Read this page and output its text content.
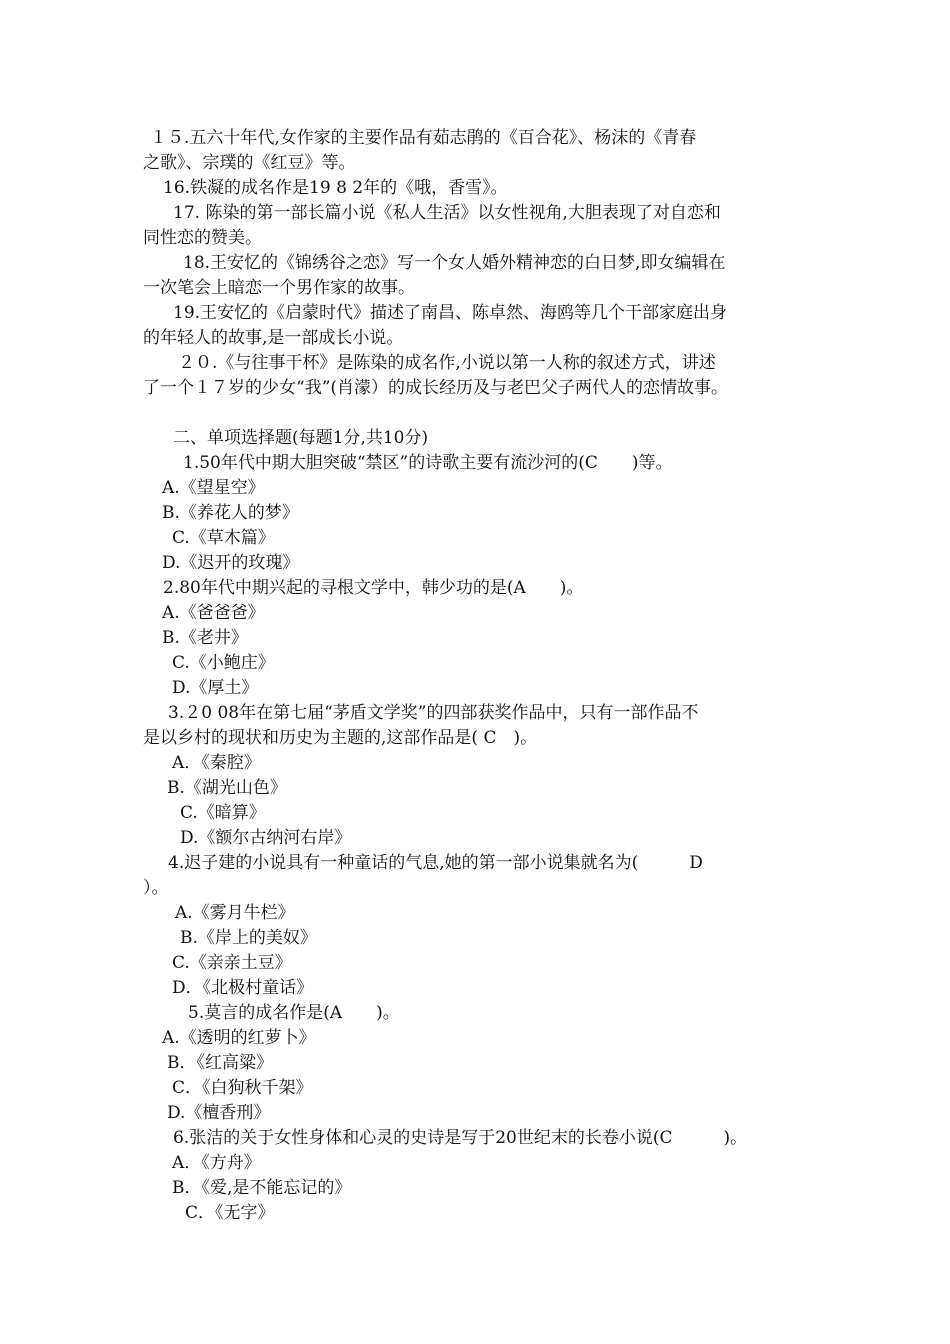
１５.五六十年代,女作家的主要作品有茹志鹃的《百合花》、杨沫的《青春
之歌》、宗璞的《红豆》等。
16.铁凝的成名作是19 8 2年的《哦，香雪》。
17. 陈染的第一部长篇小说《私人生活》以女性视角,大胆表现了对自恋和
同性恋的赞美。
18.王安忆的《锦绣谷之恋》写一个女人婚外精神恋的白日梦,即女编辑在
一次笔会上暗恋一个男作家的故事。
19.王安忆的《启蒙时代》描述了南昌、陈卓然、海鸥等几个干部家庭出身
的年轻人的故事,是一部成长小说。
２０.《与往事干杯》是陈染的成名作,小说以第一人称的叙述方式，讲述
了一个１７岁的少女“我”(肖濛）的成长经历及与老巴父子两代人的恋情故事。
二、单项选择题(每题1分,共10分)
1.50年代中期大胆突破“禁区”的诗歌主要有流沙河的(C　　)等。
A.《望星空》
B.《养花人的梦》
C.《草木篇》
D.《迟开的玫瑰》
2.80年代中期兴起的寻根文学中，韩少功的是(A　　)。
A.《爸爸爸》
B.《老井》
C.《小鲍庄》
D.《厚土》
3.２0 08年在第七届“茅盾文学奖”的四部获奖作品中，只有一部作品不
是以乡村的现状和历史为主题的,这部作品是( C　)。
A．《秦腔》
B.《湖光山色》
C.《暗算》
D.《额尔古纳河右岸》
4.迟子建的小说具有一种童话的气息,她的第一部小说集就名为(　　　D
）。
A.《雾月牛栏》
B.《岸上的美奴》
C.《亲亲土豆》
D．《北极村童话》
5.莫言的成名作是(A　　)。
A.《透明的红萝卜》
B．《红高粱》
C．《白狗秋千架》
D.《檀香刑》
6.张洁的关于女性身体和心灵的史诗是写于20世纪末的长卷小说(C　　　)。
A．《方舟》
B．《爱,是不能忘记的》
C．《无字》
